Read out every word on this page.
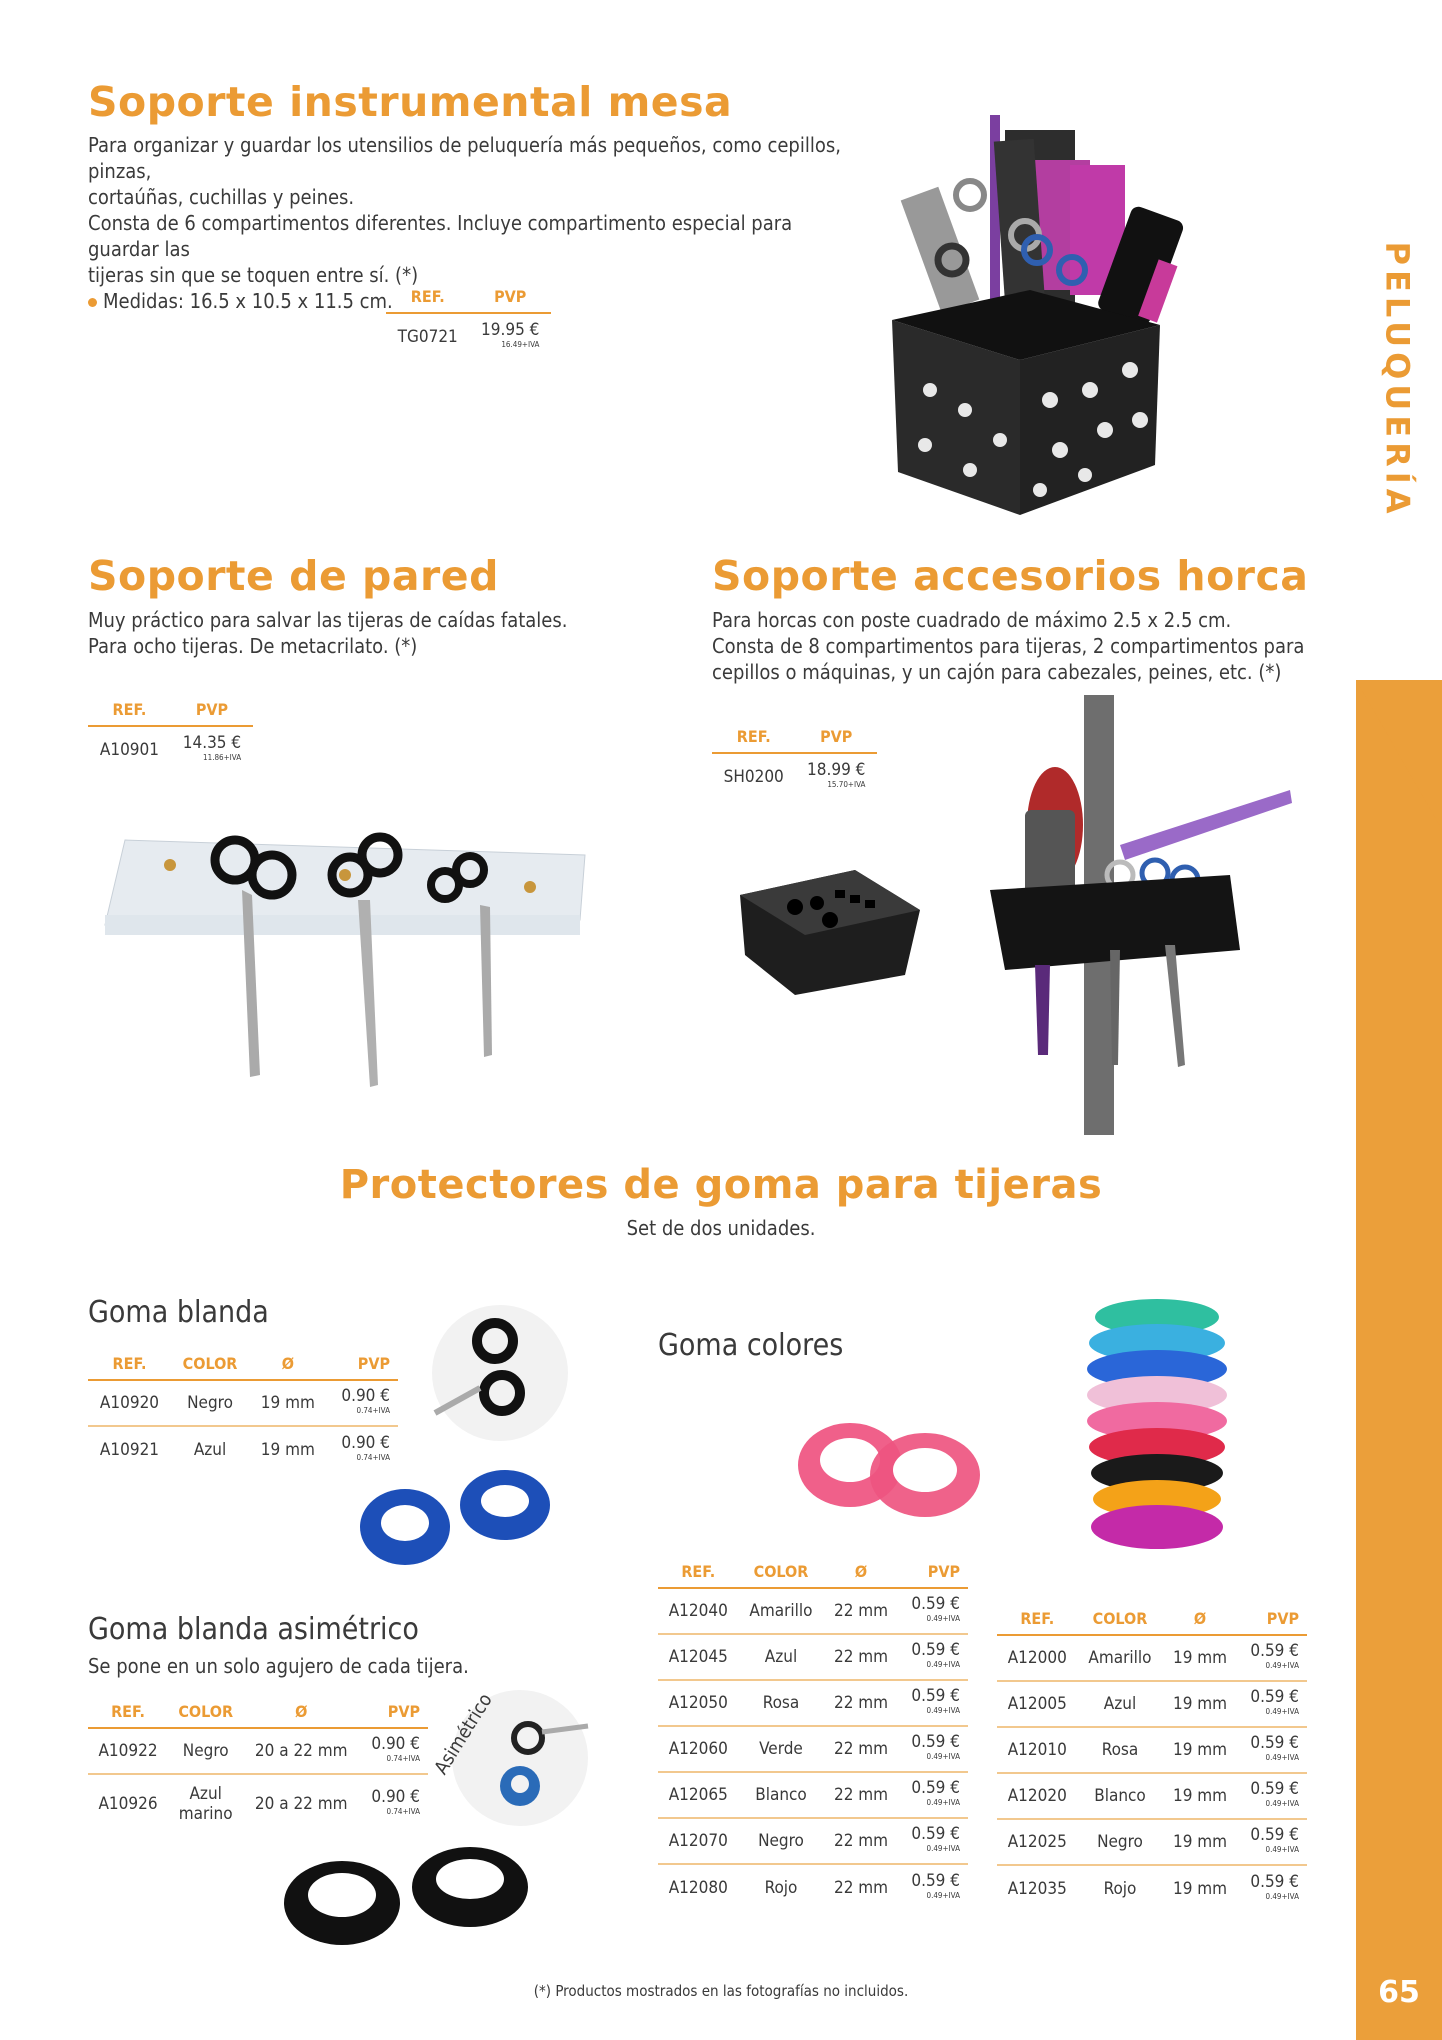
PELUQUERÍA
65
Soporte instrumental mesa

Para organizar y guardar los utensilios de peluquería más pequeños, como cepillos, pinzas,

cortaúñas, cuchillas y peines.

Consta de 6 compartimentos diferentes. Incluye compartimento especial para guardar las

tijeras sin que se toquen entre sí. (*)

Medidas: 16.5 x 10.5 x 11.5 cm.	REF.	PVP
TG0721	19.95 €
16.49+IVA
Soporte de pared

Muy práctico para salvar las tijeras de caídas fatales.

Para ocho tijeras. De metacrilato. (*)

REF.	PVP
A10901	14.35 €
11.86+IVA
Soporte accesorios horca

Para horcas con poste cuadrado de máximo 2.5 x 2.5 cm.

Consta de 8 compartimentos para tijeras, 2 compartimentos para

cepillos o máquinas, y un cajón para cabezales, peines, etc. (*)

REF.	PVP
SH0200	18.99 €
15.70+IVA
Protectores de goma para tijeras

Set de dos unidades.

Goma blanda
REF.	COLOR	Ø	PVP
A10920	Negro	19 mm	0.90 €
0.74+IVA

A10921	Azul	19 mm	0.90 €
0.74+IVA
Goma blanda asimétrico

Se pone en un solo agujero de cada tijera.

REF.	COLOR	Ø	PVP
A10922	Negro	20 a 22 mm	0.90 €
0.74+IVA

A10926	Azul
marino	20 a 22 mm	0.90 €
0.74+IVA
Asimétrico
Goma colores
REF.	COLOR	Ø	PVP
A12040	Amarillo	22 mm	0.59 €
0.49+IVA

A12045	Azul	22 mm	0.59 €
0.49+IVA

A12050	Rosa	22 mm	0.59 €
0.49+IVA

A12060	Verde	22 mm	0.59 €
0.49+IVA

A12065	Blanco	22 mm	0.59 €
0.49+IVA

A12070	Negro	22 mm	0.59 €
0.49+IVA

A12080	Rojo	22 mm	0.59 €
0.49+IVA
REF.	COLOR	Ø	PVP
A12000	Amarillo	19 mm	0.59 €
0.49+IVA

A12005	Azul	19 mm	0.59 €
0.49+IVA

A12010	Rosa	19 mm	0.59 €
0.49+IVA

A12020	Blanco	19 mm	0.59 €
0.49+IVA

A12025	Negro	19 mm	0.59 €
0.49+IVA

A12035	Rojo	19 mm	0.59 €
0.49+IVA
(*) Productos mostrados en las fotografías no incluidos.
